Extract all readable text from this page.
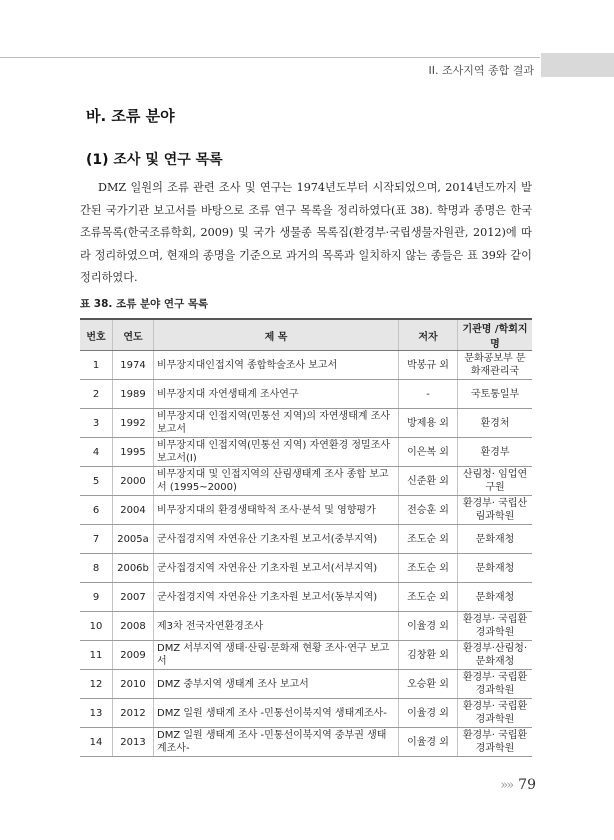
II. 조사지역 종합 결과
바. 조류 분야
(1) 조사 및 연구 목록

DMZ 일원의 조류 관련 조사 및 연구는 1974년도부터 시작되었으며, 2014년도까지 발간된 국가기관 보고서를 바탕으로 조류 연구 목록을 정리하였다(표 38). 학명과 종명은 한국조류목록(한국조류학회, 2009) 및 국가 생물종 목록집(환경부·국립생물자원관, 2012)에 따라 정리하였으며, 현재의 종명을 기준으로 과거의 목록과 일치하지 않는 종들은 표 39와 같이 정리하였다.

표 38. 조류 분야 연구 목록
번호	연도	제 목	저자	기관명 /학회지명
1	1974	비무장지대인접지역 종합학술조사 보고서	박봉규 외	문화공보부 문화재관리국
2	1989	비무장지대 자연생태계 조사연구	-	국토통일부
3	1992	비무장지대 인접지역(민통선 지역)의 자연생태계 조사 보고서	방제용 외	환경처
4	1995	비무장지대 인접지역(민통선 지역) 자연환경 정밀조사 보고서(Ⅰ)	이은복 외	환경부
5	2000	비무장지대 및 인접지역의 산림생태계 조사 종합 보고서 (1995~2000)	신준환 외	산림청· 임업연구원
6	2004	비무장지대의 환경생태학적 조사·분석 및 영향평가	전승훈 외	환경부· 국립산림과학원
7	2005a	군사접경지역 자연유산 기초자원 보고서(중부지역)	조도순 외	문화재청
8	2006b	군사접경지역 자연유산 기초자원 보고서(서부지역)	조도순 외	문화재청
9	2007	군사접경지역 자연유산 기초자원 보고서(동부지역)	조도순 외	문화재청
10	2008	제3차 전국자연환경조사	이율경 외	환경부· 국립환경과학원
11	2009	DMZ 서부지역 생태·산림·문화재 현황 조사·연구 보고서	김창환 외	환경부·산림청· 문화재청
12	2010	DMZ 중부지역 생태계 조사 보고서	오승환 외	환경부· 국립환경과학원
13	2012	DMZ 일원 생태계 조사 -민통선이북지역 생태계조사-	이율경 외	환경부· 국립환경과학원
14	2013	DMZ 일원 생태계 조사 -민통선이북지역 중부권 생태계조사-	이율경 외	환경부· 국립환경과학원
»» 79
